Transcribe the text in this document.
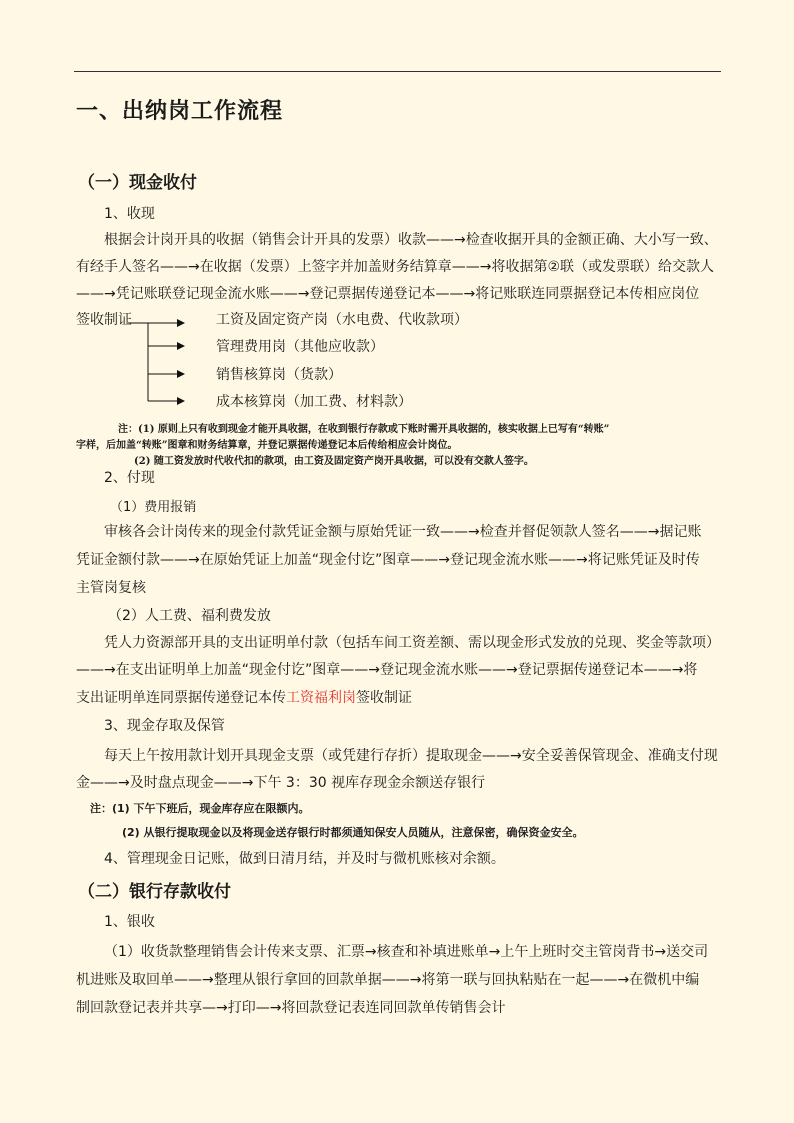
一、出纳岗工作流程
（一）现金收付
1、收现
根据会计岗开具的收据（销售会计开具的发票）收款——→检查收据开具的金额正确、大小写一致、
有经手人签名——→在收据（发票）上签字并加盖财务结算章——→将收据第②联（或发票联）给交款人
——→凭记账联登记现金流水账——→登记票据传递登记本——→将记账联连同票据登记本传相应岗位
签收制证	工资及固定资产岗（水电费、代收款项）
管理费用岗（其他应收款）
销售核算岗（货款）
成本核算岗（加工费、材料款）
注：(1) 原则上只有收到现金才能开具收据，在收到银行存款或下账时需开具收据的，核实收据上已写有“转账”
字样，后加盖“转账”图章和财务结算章，并登记票据传递登记本后传给相应会计岗位。
(2) 随工资发放时代收代扣的款项，由工资及固定资产岗开具收据，可以没有交款人签字。
2、付现
（1）费用报销
审核各会计岗传来的现金付款凭证金额与原始凭证一致——→检查并督促领款人签名——→据记账
凭证金额付款——→在原始凭证上加盖“现金付讫”图章——→登记现金流水账——→将记账凭证及时传
主管岗复核
（2）人工费、福利费发放
凭人力资源部开具的支出证明单付款（包括车间工资差额、需以现金形式发放的兑现、奖金等款项）
——→在支出证明单上加盖“现金付讫”图章——→登记现金流水账——→登记票据传递登记本——→将
支出证明单连同票据传递登记本传工资福利岗签收制证
3、现金存取及保管
每天上午按用款计划开具现金支票（或凭建行存折）提取现金——→安全妥善保管现金、准确支付现
金——→及时盘点现金——→下午 3：30 视库存现金余额送存银行
注：(1) 下午下班后，现金库存应在限额内。
(2) 从银行提取现金以及将现金送存银行时都须通知保安人员随从，注意保密，确保资金安全。
4、管理现金日记账，做到日清月结，并及时与微机账核对余额。
（二）银行存款收付
1、银收
（1）收货款整理销售会计传来支票、汇票→核查和补填进账单→上午上班时交主管岗背书→送交司
机进账及取回单——→整理从银行拿回的回款单据——→将第一联与回执粘贴在一起——→在微机中编
制回款登记表并共享—→打印—→将回款登记表连同回款单传销售会计
